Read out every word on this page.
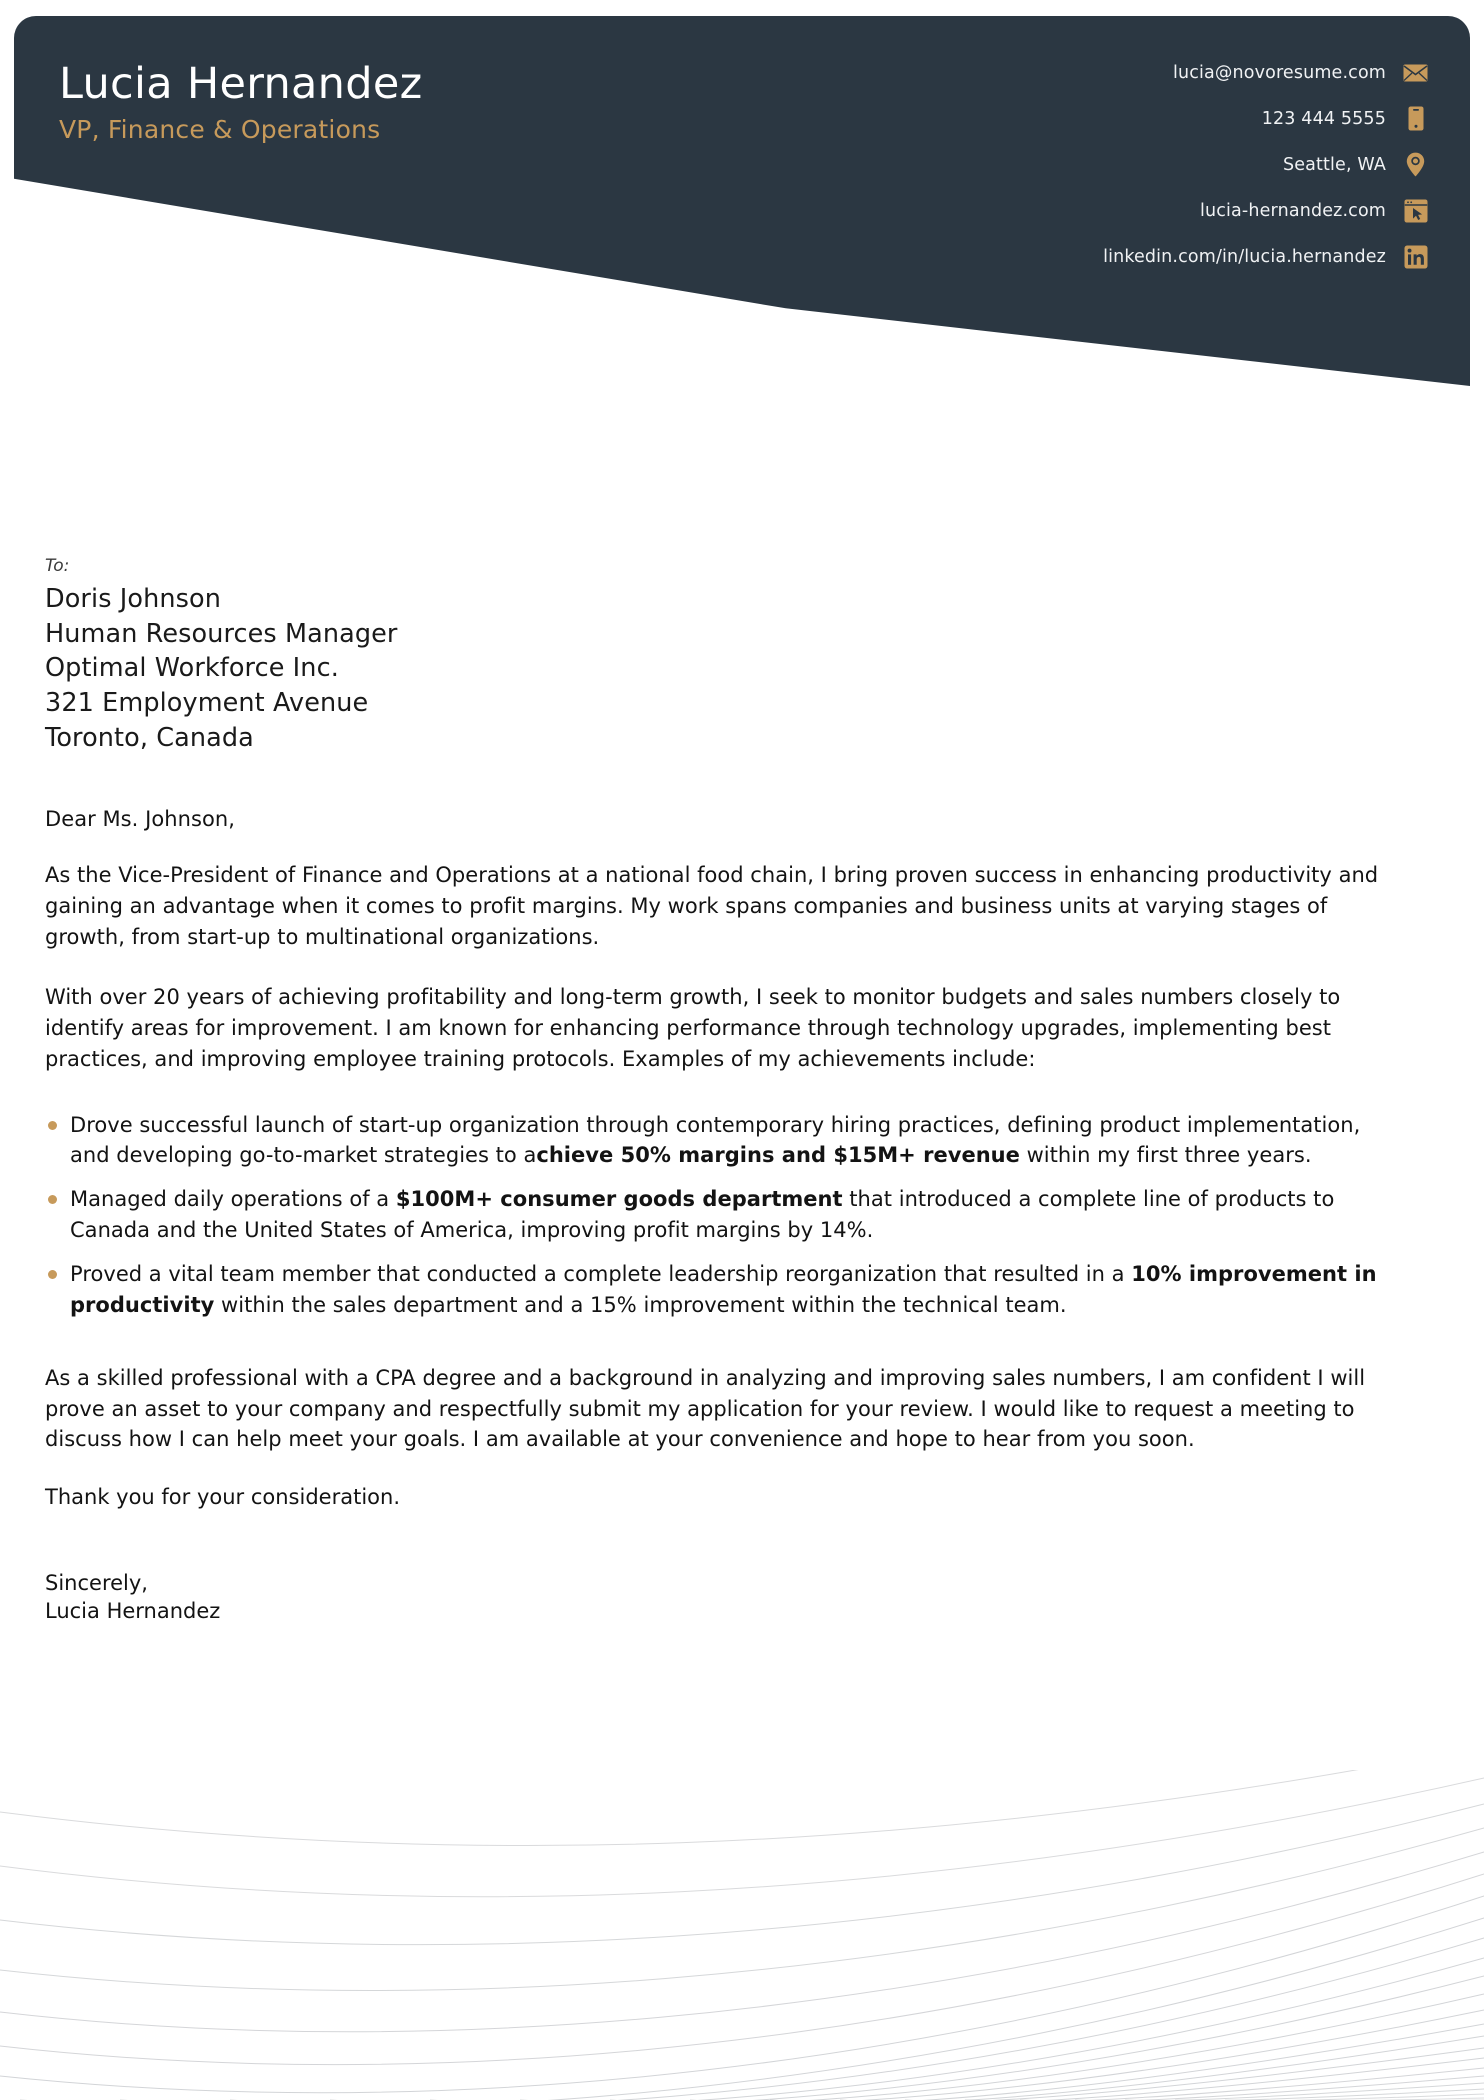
Lucia Hernandez
VP, Finance & Operations
lucia@novoresume.com
123 444 5555
Seattle, WA
lucia-hernandez.com
linkedin.com/in/lucia.hernandez
To:
Doris Johnson
Human Resources Manager
Optimal Workforce Inc.
321 Employment Avenue
Toronto, Canada
Dear Ms. Johnson,

As the Vice-President of Finance and Operations at a national food chain, I bring proven success in enhancing productivity and gaining an advantage when it comes to profit margins. My work spans companies and business units at varying stages of growth, from start-up to multinational organizations.

With over 20 years of achieving profitability and long-term growth, I seek to monitor budgets and sales numbers closely to identify areas for improvement. I am known for enhancing performance through technology upgrades, implementing best practices, and improving employee training protocols. Examples of my achievements include:

Drove successful launch of start-up organization through contemporary hiring practices, defining product implementation, and developing go-to-market strategies to achieve 50% margins and $15M+ revenue within my first three years.
Managed daily operations of a $100M+ consumer goods department that introduced a complete line of products to Canada and the United States of America, improving profit margins by 14%.
Proved a vital team member that conducted a complete leadership reorganization that resulted in a 10% improvement in productivity within the sales department and a 15% improvement within the technical team.

As a skilled professional with a CPA degree and a background in analyzing and improving sales numbers, I am confident I will prove an asset to your company and respectfully submit my application for your review. I would like to request a meeting to discuss how I can help meet your goals. I am available at your convenience and hope to hear from you soon.

Thank you for your consideration.
Sincerely,
Lucia Hernandez
